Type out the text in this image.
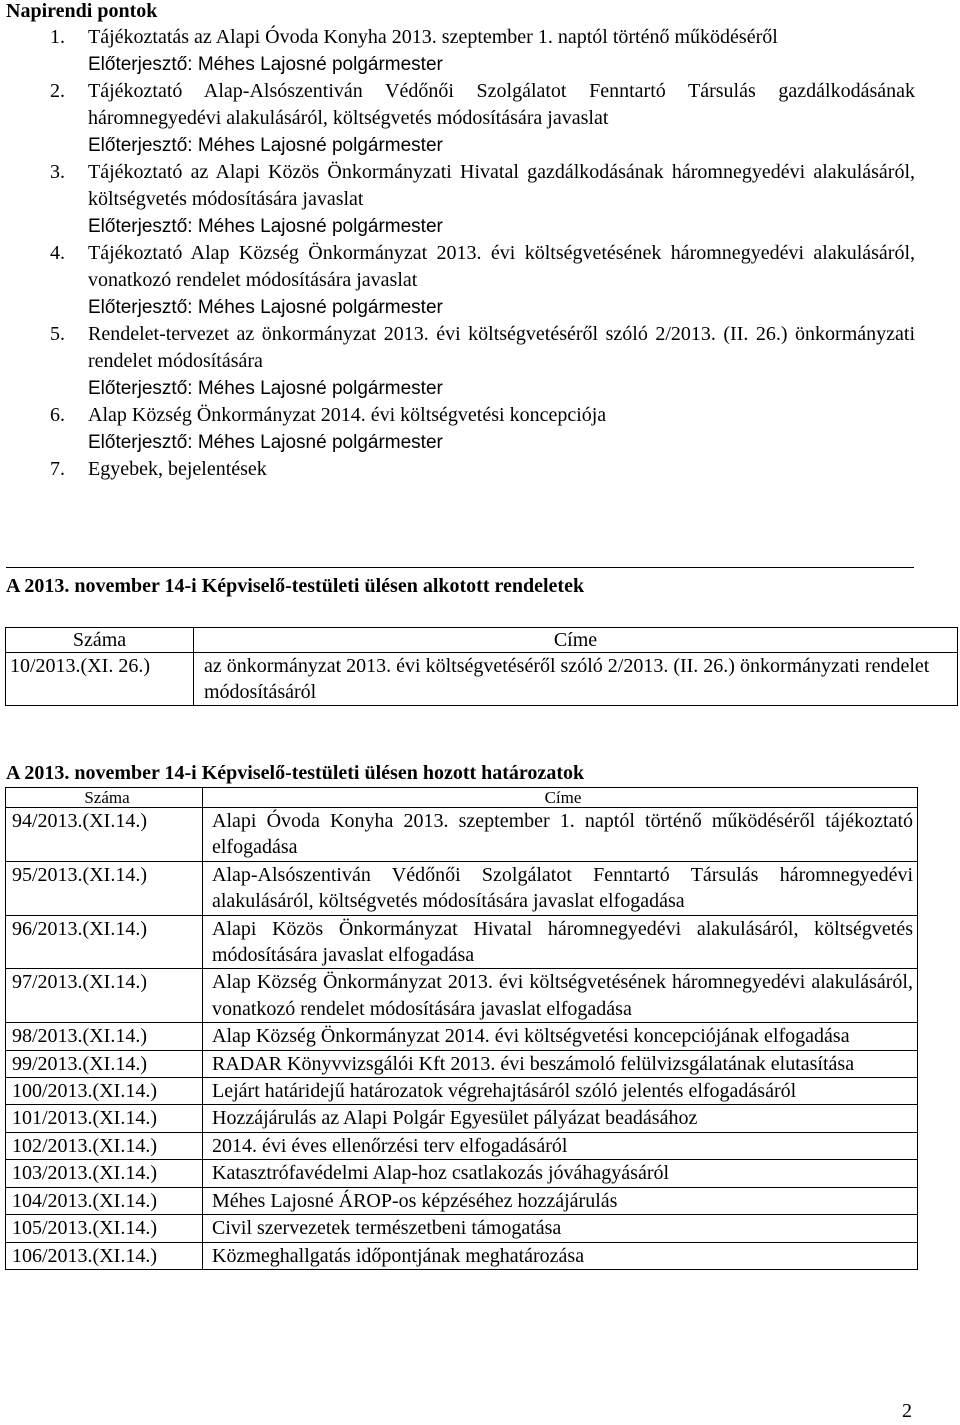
Napirendi pontok
1. Tájékoztatás az Alapi Óvoda Konyha 2013. szeptember 1. naptól történő működéséről
Előterjesztő: Méhes Lajosné polgármester
2. Tájékoztató Alap-Alsószentiván Védőnői Szolgálatot Fenntartó Társulás gazdálkodásának háromnegyedévi alakulásáról, költségvetés módosítására javaslat
Előterjesztő: Méhes Lajosné polgármester
3. Tájékoztató az Alapi Közös Önkormányzati Hivatal gazdálkodásának háromnegyedévi alakulásáról, költségvetés módosítására javaslat
Előterjesztő: Méhes Lajosné polgármester
4. Tájékoztató Alap Község Önkormányzat 2013. évi költségvetésének háromnegyedévi alakulásáról, vonatkozó rendelet módosítására javaslat
Előterjesztő: Méhes Lajosné polgármester
5. Rendelet-tervezet az önkormányzat 2013. évi költségvetéséről szóló 2/2013. (II. 26.) önkormányzati rendelet módosítására
Előterjesztő: Méhes Lajosné polgármester
6. Alap Község Önkormányzat 2014. évi költségvetési koncepciója
Előterjesztő: Méhes Lajosné polgármester
7. Egyebek, bejelentések
A 2013. november 14-i Képviselő-testületi ülésen alkotott rendeletek
Száma	Címe
10/2013.(XI. 26.)	az önkormányzat 2013. évi költségvetéséről szóló 2/2013. (II. 26.) önkormányzati rendelet módosításáról
A 2013. november 14-i Képviselő-testületi ülésen hozott határozatok
Száma	Címe
94/2013.(XI.14.)	Alapi Óvoda Konyha 2013. szeptember 1. naptól történő működéséről tájékoztató elfogadása
95/2013.(XI.14.)	Alap-Alsószentiván Védőnői Szolgálatot Fenntartó Társulás háromnegyedévi alakulásáról, költségvetés módosítására javaslat elfogadása
96/2013.(XI.14.)	Alapi Közös Önkormányzat Hivatal háromnegyedévi alakulásáról, költségvetés módosítására javaslat elfogadása
97/2013.(XI.14.)	Alap Község Önkormányzat 2013. évi költségvetésének háromnegyedévi alakulásáról, vonatkozó rendelet módosítására javaslat elfogadása
98/2013.(XI.14.)	Alap Község Önkormányzat 2014. évi költségvetési koncepciójának elfogadása
99/2013.(XI.14.)	RADAR Könyvvizsgálói Kft 2013. évi beszámoló felülvizsgálatának elutasítása
100/2013.(XI.14.)	Lejárt határidejű határozatok végrehajtásáról szóló jelentés elfogadásáról
101/2013.(XI.14.)	Hozzájárulás az Alapi Polgár Egyesület pályázat beadásához
102/2013.(XI.14.)	2014. évi éves ellenőrzési terv elfogadásáról
103/2013.(XI.14.)	Katasztrófavédelmi Alap-hoz csatlakozás jóváhagyásáról
104/2013.(XI.14.)	Méhes Lajosné ÁROP-os képzéséhez hozzájárulás
105/2013.(XI.14.)	Civil szervezetek természetbeni támogatása
106/2013.(XI.14.)	Közmeghallgatás időpontjának meghatározása
2
